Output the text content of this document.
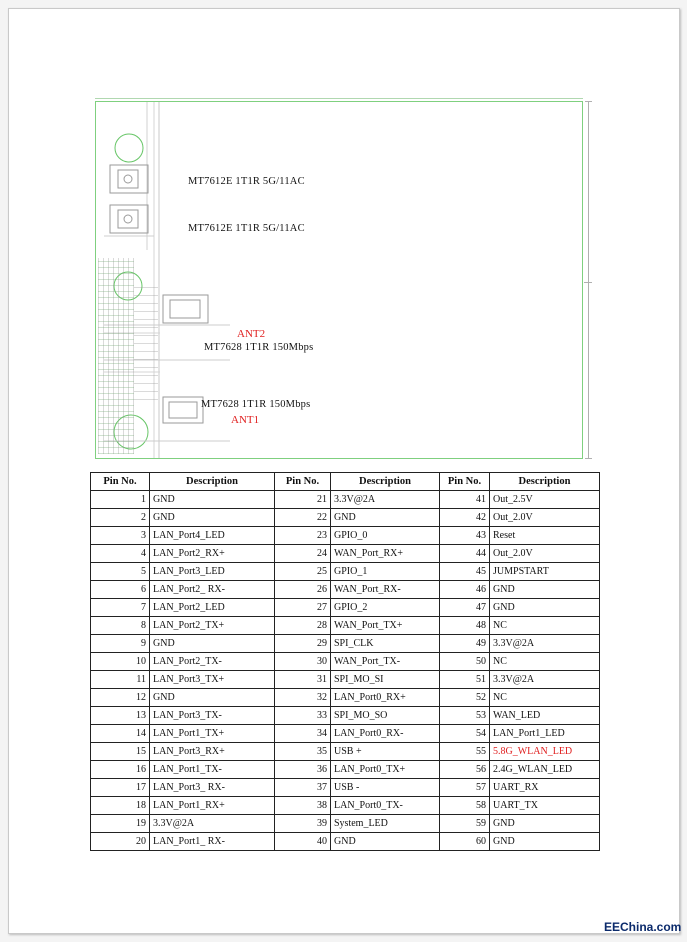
MT7612E 1T1R 5G/11AC
MT7612E 1T1R 5G/11AC
ANT2
MT7628 1T1R 150Mbps
MT7628 1T1R 150Mbps
ANT1
Pin No.	Description	Pin No.	Description	Pin No.	Description
1	GND	21	3.3V@2A	41	Out_2.5V
2	GND	22	GND	42	Out_2.0V
3	LAN_Port4_LED	23	GPIO_0	43	Reset
4	LAN_Port2_RX+	24	WAN_Port_RX+	44	Out_2.0V
5	LAN_Port3_LED	25	GPIO_1	45	JUMPSTART
6	LAN_Port2_ RX-	26	WAN_Port_RX-	46	GND
7	LAN_Port2_LED	27	GPIO_2	47	GND
8	LAN_Port2_TX+	28	WAN_Port_TX+	48	NC
9	GND	29	SPI_CLK	49	3.3V@2A
10	LAN_Port2_TX-	30	WAN_Port_TX-	50	NC
11	LAN_Port3_TX+	31	SPI_MO_SI	51	3.3V@2A
12	GND	32	LAN_Port0_RX+	52	NC
13	LAN_Port3_TX-	33	SPI_MO_SO	53	WAN_LED
14	LAN_Port1_TX+	34	LAN_Port0_RX-	54	LAN_Port1_LED
15	LAN_Port3_RX+	35	USB +	55	5.8G_WLAN_LED
16	LAN_Port1_TX-	36	LAN_Port0_TX+	56	2.4G_WLAN_LED
17	LAN_Port3_ RX-	37	USB -	57	UART_RX
18	LAN_Port1_RX+	38	LAN_Port0_TX-	58	UART_TX
19	3.3V@2A	39	System_LED	59	GND
20	LAN_Port1_ RX-	40	GND	60	GND
EEChina.com
